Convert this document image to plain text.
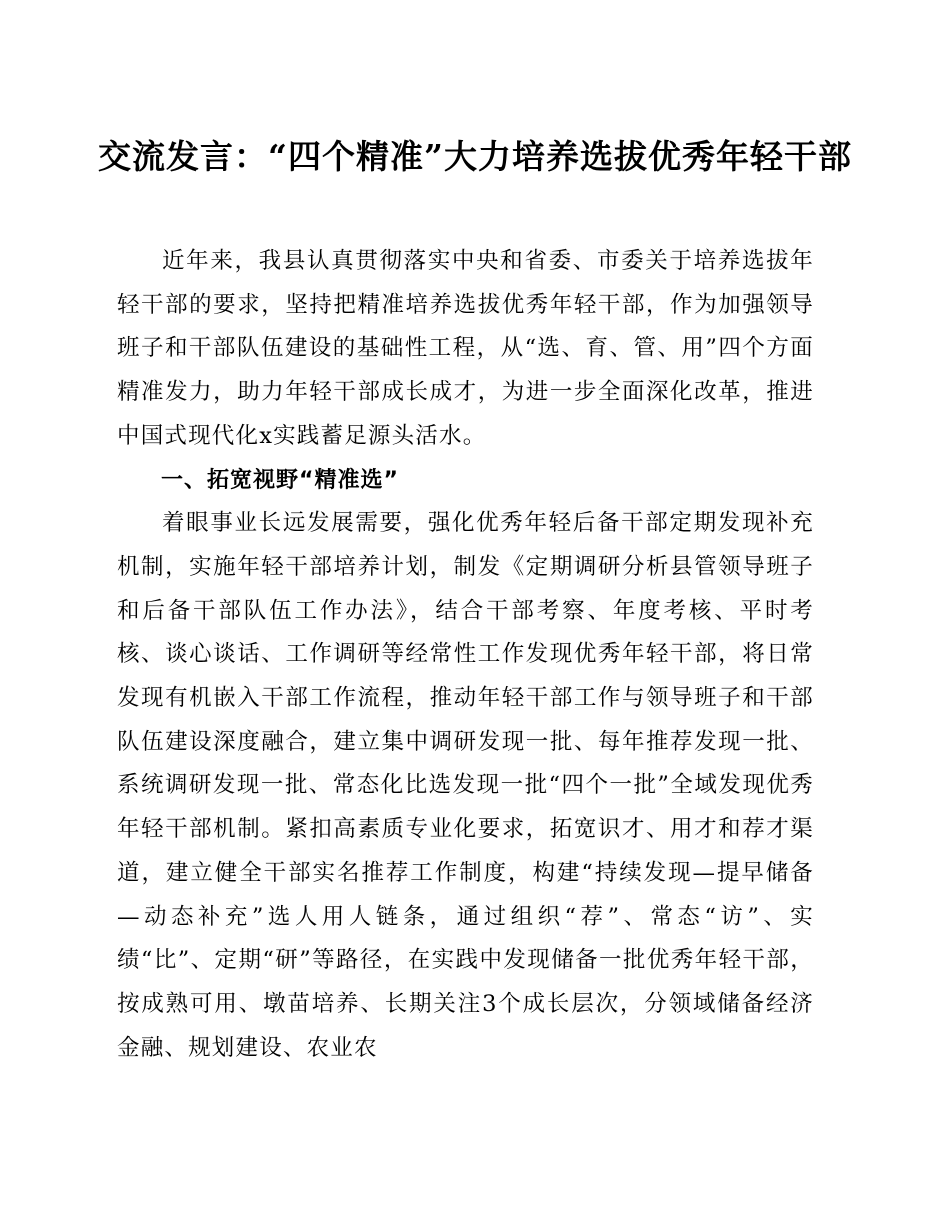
交流发言：“四个精准”大力培养选拔优秀年轻干部

近年来，我县认真贯彻落实中央和省委、市委关于培养选拔年轻干部的要求，坚持把精准培养选拔优秀年轻干部，作为加强领导班子和干部队伍建设的基础性工程，从“选、育、管、用”四个方面精准发力，助力年轻干部成长成才，为进一步全面深化改革，推进中国式现代化x实践蓄足源头活水。

一、拓宽视野“精准选”

着眼事业长远发展需要，强化优秀年轻后备干部定期发现补充机制，实施年轻干部培养计划，制发《定期调研分析县管领导班子和后备干部队伍工作办法》，结合干部考察、年度考核、平时考核、谈心谈话、工作调研等经常性工作发现优秀年轻干部，将日常发现有机嵌入干部工作流程，推动年轻干部工作与领导班子和干部队伍建设深度融合，建立集中调研发现一批、每年推荐发现一批、系统调研发现一批、常态化比选发现一批“四个一批”全域发现优秀年轻干部机制。紧扣高素质专业化要求，拓宽识才、用才和荐才渠道，建立健全干部实名推荐工作制度，构建“持续发现—提早储备—动态补充”选人用人链条，通过组织“荐”、常态“访”、实绩“比”、定期“研”等路径，在实践中发现储备一批优秀年轻干部，按成熟可用、墩苗培养、长期关注3个成长层次，分领域储备经济金融、规划建设、农业农
